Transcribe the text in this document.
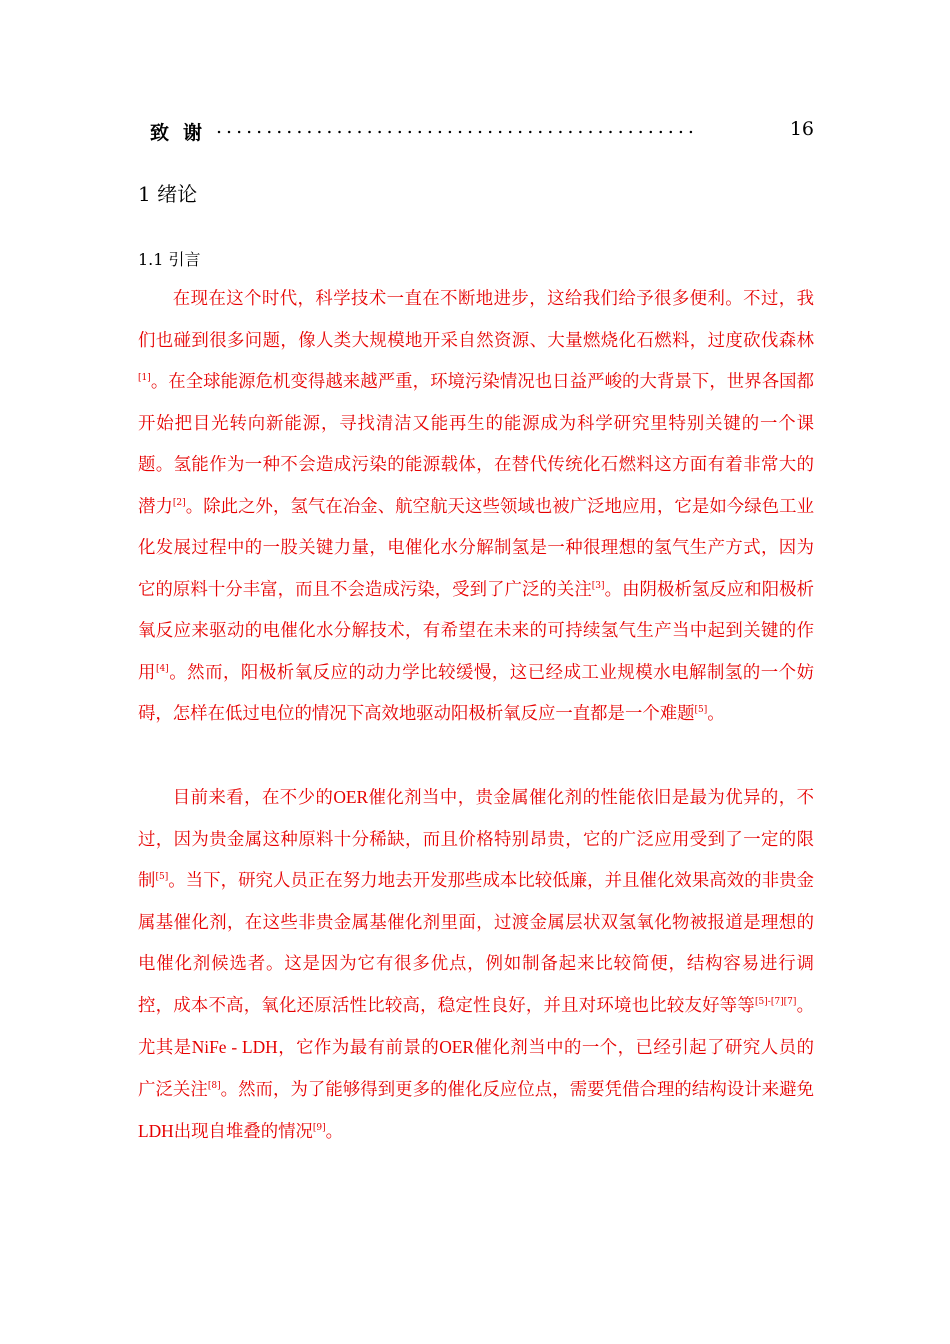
................................................
致谢	16
1 绪论
1.1 引言

在现在这个时代，科学技术一直在不断地进步，这给我们给予很多便利。不过，我们也碰到很多问题，像人类大规模地开采自然资源、大量燃烧化石燃料，过度砍伐森林[1]。在全球能源危机变得越来越严重，环境污染情况也日益严峻的大背景下，世界各国都开始把目光转向新能源，寻找清洁又能再生的能源成为科学研究里特别关键的一个课题。氢能作为一种不会造成污染的能源载体，在替代传统化石燃料这方面有着非常大的潜力[2]。除此之外，氢气在冶金、航空航天这些领域也被广泛地应用，它是如今绿色工业化发展过程中的一股关键力量，电催化水分解制氢是一种很理想的氢气生产方式，因为它的原料十分丰富，而且不会造成污染，受到了广泛的关注[3]。由阴极析氢反应和阳极析氧反应来驱动的电催化水分解技术，有希望在未来的可持续氢气生产当中起到关键的作用[4]。然而，阳极析氧反应的动力学比较缓慢，这已经成工业规模水电解制氢的一个妨碍，怎样在低过电位的情况下高效地驱动阳极析氧反应一直都是一个难题[5]。

目前来看，在不少的OER催化剂当中，贵金属催化剂的性能依旧是最为优异的，不过，因为贵金属这种原料十分稀缺，而且价格特别昂贵，它的广泛应用受到了一定的限制[5]。当下，研究人员正在努力地去开发那些成本比较低廉，并且催化效果高效的非贵金属基催化剂，在这些非贵金属基催化剂里面，过渡金属层状双氢氧化物被报道是理想的电催化剂候选者。这是因为它有很多优点，例如制备起来比较简便，结构容易进行调控，成本不高，氧化还原活性比较高，稳定性良好，并且对环境也比较友好等等[5]-[7][7]。尤其是NiFe - LDH，它作为最有前景的OER催化剂当中的一个，已经引起了研究人员的广泛关注[8]。然而，为了能够得到更多的催化反应位点，需要凭借合理的结构设计来避免LDH出现自堆叠的情况[9]。
